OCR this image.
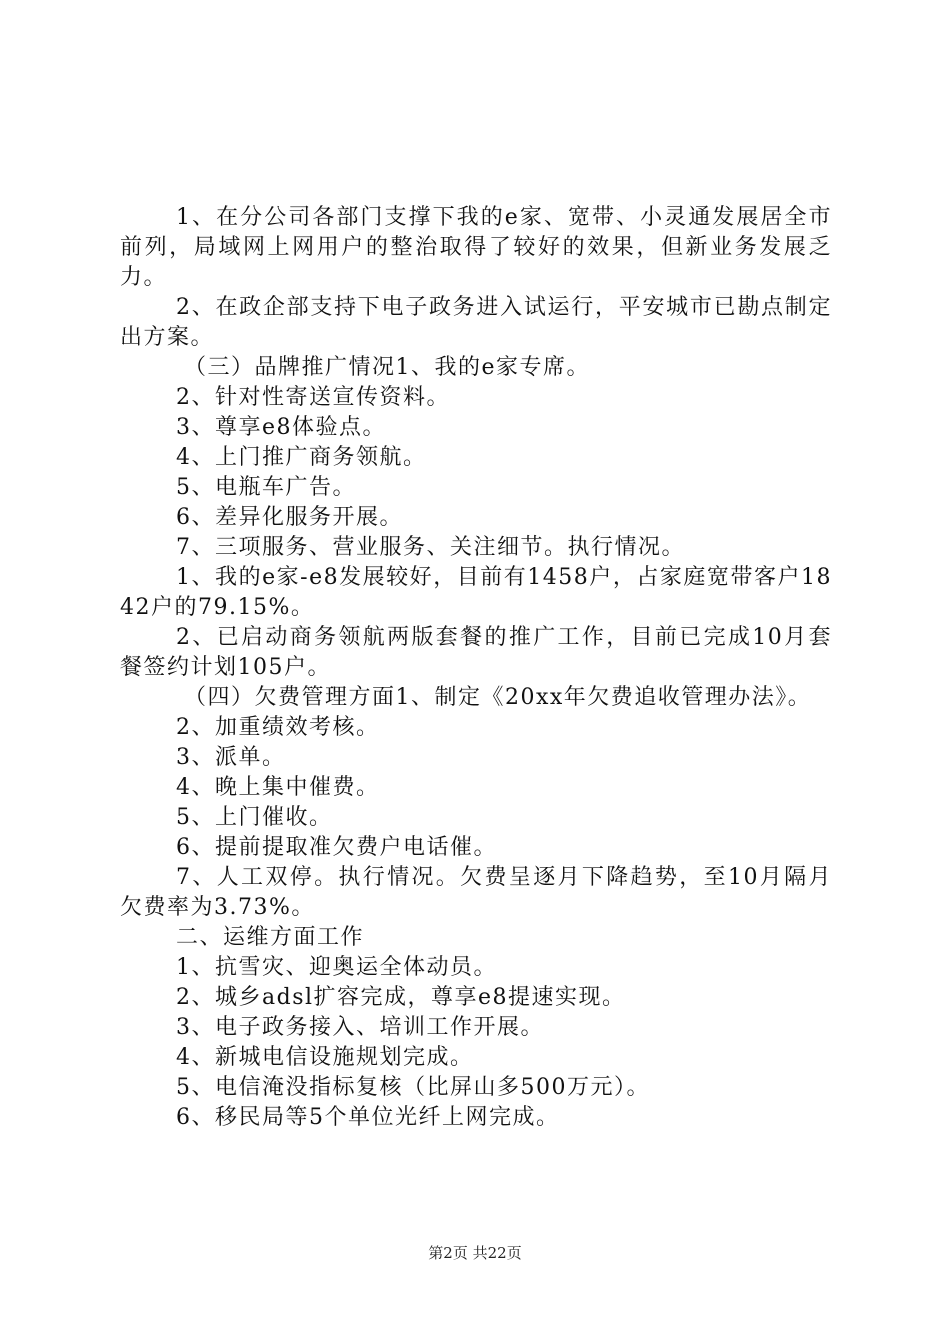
1、在分公司各部门支撑下我的e家、宽带、小灵通发展居全市前列，局域网上网用户的整治取得了较好的效果，但新业务发展乏力。

2、在政企部支持下电子政务进入试运行，平安城市已勘点制定出方案。

（三）品牌推广情况1、我的e家专席。

2、针对性寄送宣传资料。

3、尊享e8体验点。

4、上门推广商务领航。

5、电瓶车广告。

6、差异化服务开展。

7、三项服务、营业服务、关注细节。执行情况。

1、我的e家-e8发展较好，目前有1458户，占家庭宽带客户1842户的79.15%。

2、已启动商务领航两版套餐的推广工作，目前已完成10月套餐签约计划105户。

（四）欠费管理方面1、制定《20xx年欠费追收管理办法》。

2、加重绩效考核。

3、派单。

4、晚上集中催费。

5、上门催收。

6、提前提取准欠费户电话催。

7、人工双停。执行情况。欠费呈逐月下降趋势，至10月隔月欠费率为3.73%。

二、运维方面工作

1、抗雪灾、迎奥运全体动员。

2、城乡adsl扩容完成，尊享e8提速实现。

3、电子政务接入、培训工作开展。

4、新城电信设施规划完成。

5、电信淹没指标复核（比屏山多500万元）。

6、移民局等5个单位光纤上网完成。

第2页 共22页
